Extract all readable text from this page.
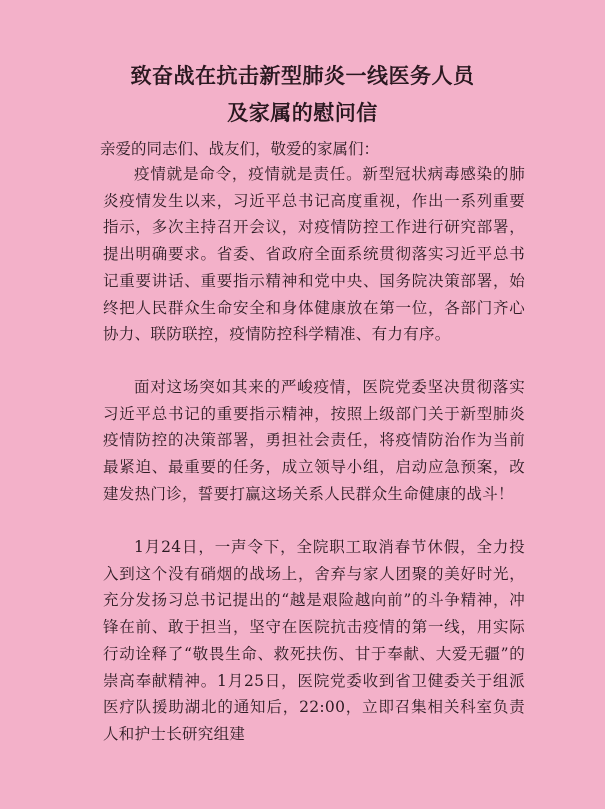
致奋战在抗击新型肺炎一线医务人员
及家属的慰问信
亲爱的同志们、战友们，敬爱的家属们：

疫情就是命令，疫情就是责任。新型冠状病毒感染的肺炎疫情发生以来，习近平总书记高度重视，作出一系列重要指示，多次主持召开会议，对疫情防控工作进行研究部署，提出明确要求。省委、省政府全面系统贯彻落实习近平总书记重要讲话、重要指示精神和党中央、国务院决策部署，始终把人民群众生命安全和身体健康放在第一位，各部门齐心协力、联防联控，疫情防控科学精准、有力有序。

面对这场突如其来的严峻疫情，医院党委坚决贯彻落实习近平总书记的重要指示精神，按照上级部门关于新型肺炎疫情防控的决策部署，勇担社会责任，将疫情防治作为当前最紧迫、最重要的任务，成立领导小组，启动应急预案，改建发热门诊，誓要打赢这场关系人民群众生命健康的战斗！

1月24日，一声令下，全院职工取消春节休假，全力投入到这个没有硝烟的战场上，舍弃与家人团聚的美好时光，充分发扬习总书记提出的“越是艰险越向前”的斗争精神，冲锋在前、敢于担当，坚守在医院抗击疫情的第一线，用实际行动诠释了“敬畏生命、救死扶伤、甘于奉献、大爱无疆”的崇高奉献精神。1月25日，医院党委收到省卫健委关于组派医疗队援助湖北的通知后，22:00，立即召集相关科室负责人和护士长研究组建
